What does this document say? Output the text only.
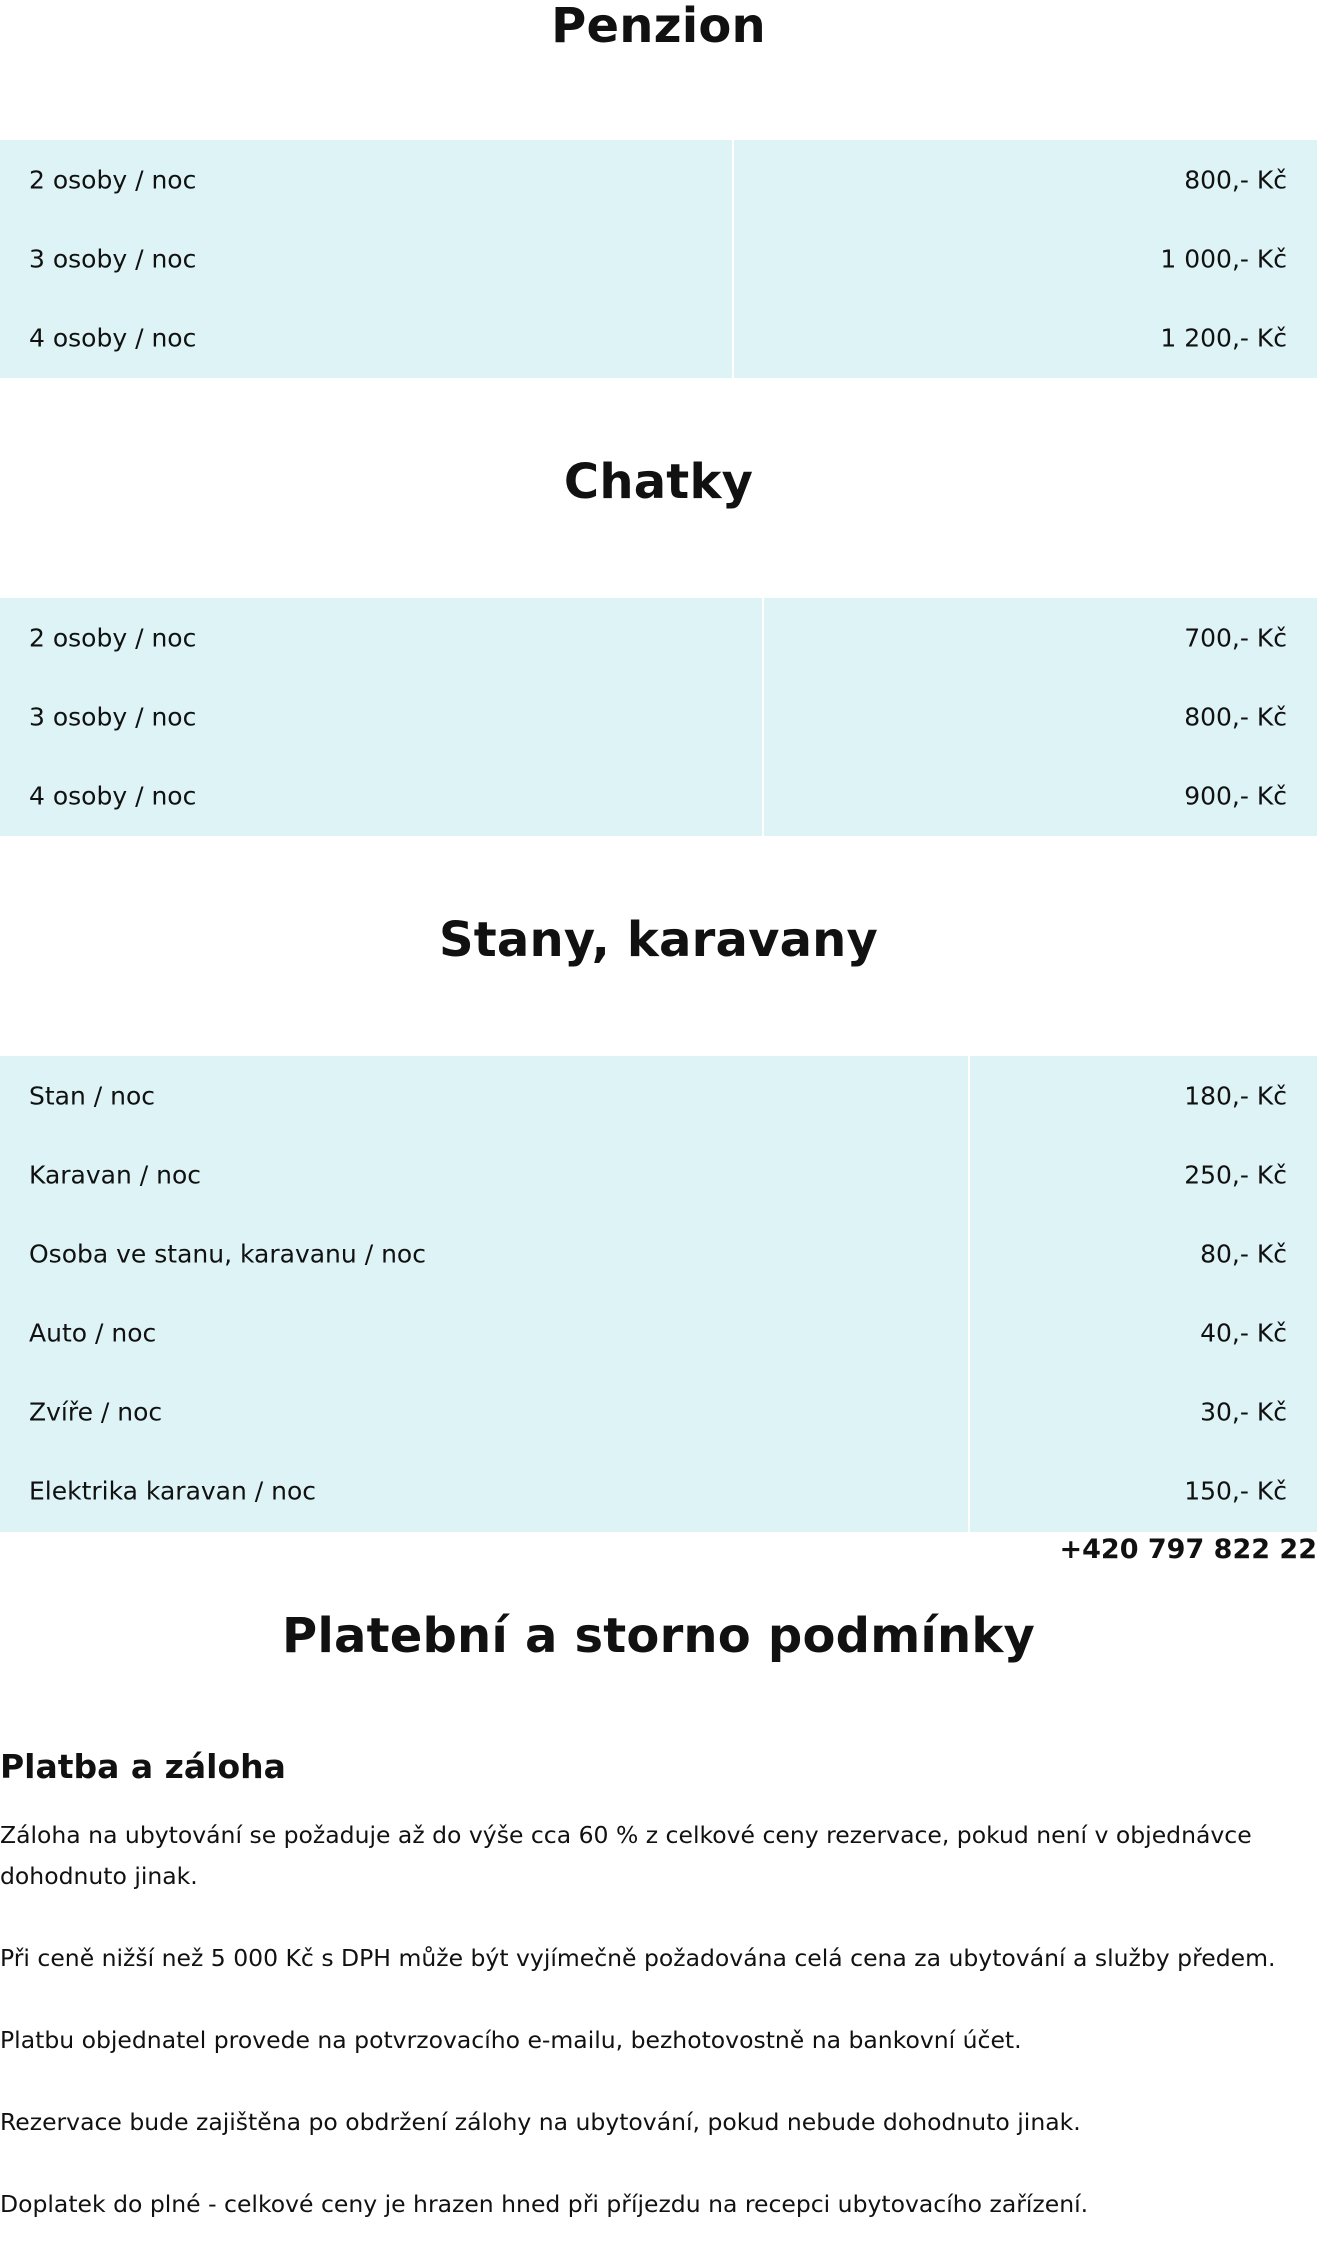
Penzion
2 osoby / noc	800,- Kč
3 osoby / noc	1 000,- Kč
4 osoby / noc	1 200,- Kč
Chatky
2 osoby / noc	700,- Kč
3 osoby / noc	800,- Kč
4 osoby / noc	900,- Kč
Stany, karavany
Stan / noc	180,- Kč
Karavan / noc	250,- Kč
Osoba ve stanu, karavanu / noc	80,- Kč
Auto / noc	40,- Kč
Zvíře / noc	30,- Kč
Elektrika karavan / noc	150,- Kč
+420 797 822 22
Platební a storno podmínky
Platba a záloha

Záloha na ubytování se požaduje až do výše cca 60 % z celkové ceny rezervace, pokud není v objednávce dohodnuto jinak.

Při ceně nižší než 5 000 Kč s DPH může být vyjímečně požadována celá cena za ubytování a služby předem.

Platbu objednatel provede na potvrzovacího e-mailu, bezhotovostně na bankovní účet.

Rezervace bude zajištěna po obdržení zálohy na ubytování, pokud nebude dohodnuto jinak.

Doplatek do plné - celkové ceny je hrazen hned při příjezdu na recepci ubytovacího zařízení.
